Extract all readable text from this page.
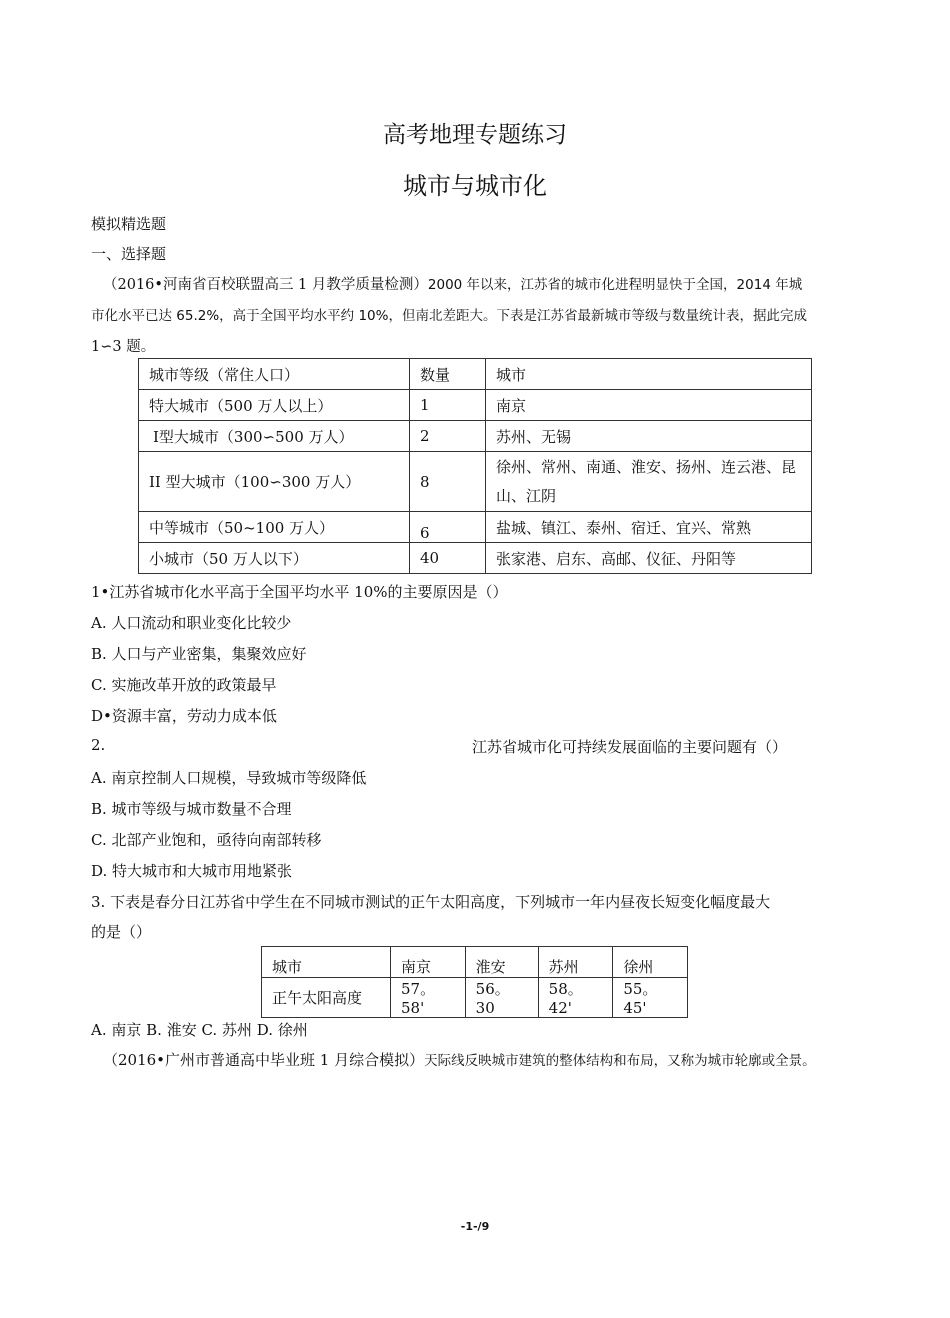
高考地理专题练习
城市与城市化
模拟精选题
一、选择题
（2016•河南省百校联盟高三 1 月教学质量检测）2000 年以来，江苏省的城市化进程明显快于全国，2014 年城
市化水平已达 65.2%，高于全国平均水平约 10%，但南北差距大。下表是江苏省最新城市等级与数量统计表，据此完成
1∽3 题。
城市等级（常住人口）	数量	城市
特大城市（500 万人以上）	1	南京
Ⅰ型大城市（300∽500 万人）	2	苏州、无锡
II 型大城市（100∽300 万人）	8	徐州、常州、南通、淮安、扬州、连云港、昆山、江阴
中等城市（50~100 万人）	6	盐城、镇江、泰州、宿迁、宜兴、常熟
小城市（50 万人以下）	40	张家港、启东、高邮、仪征、丹阳等
1•江苏省城市化水平高于全国平均水平 10%的主要原因是（）
A. 人口流动和职业变化比较少
B. 人口与产业密集，集聚效应好
C. 实施改革开放的政策最早
D•资源丰富，劳动力成本低
2.	江苏省城市化可持续发展面临的主要问题有（）
A. 南京控制人口规模，导致城市等级降低
B. 城市等级与城市数量不合理
C. 北部产业饱和，亟待向南部转移
D. 特大城市和大城市用地紧张
3. 下表是春分日江苏省中学生在不同城市测试的正午太阳高度，下列城市一年内昼夜长短变化幅度最大
的是（）
城市	南京	淮安	苏州	徐州
正午太阳高度	57。58'	56。30	58。42'	55。45'
A. 南京 B. 淮安 C. 苏州 D. 徐州
（2016•广州市普通高中毕业班 1 月综合模拟）天际线反映城市建筑的整体结构和布局，又称为城市轮廓或全景。
-1-/9
